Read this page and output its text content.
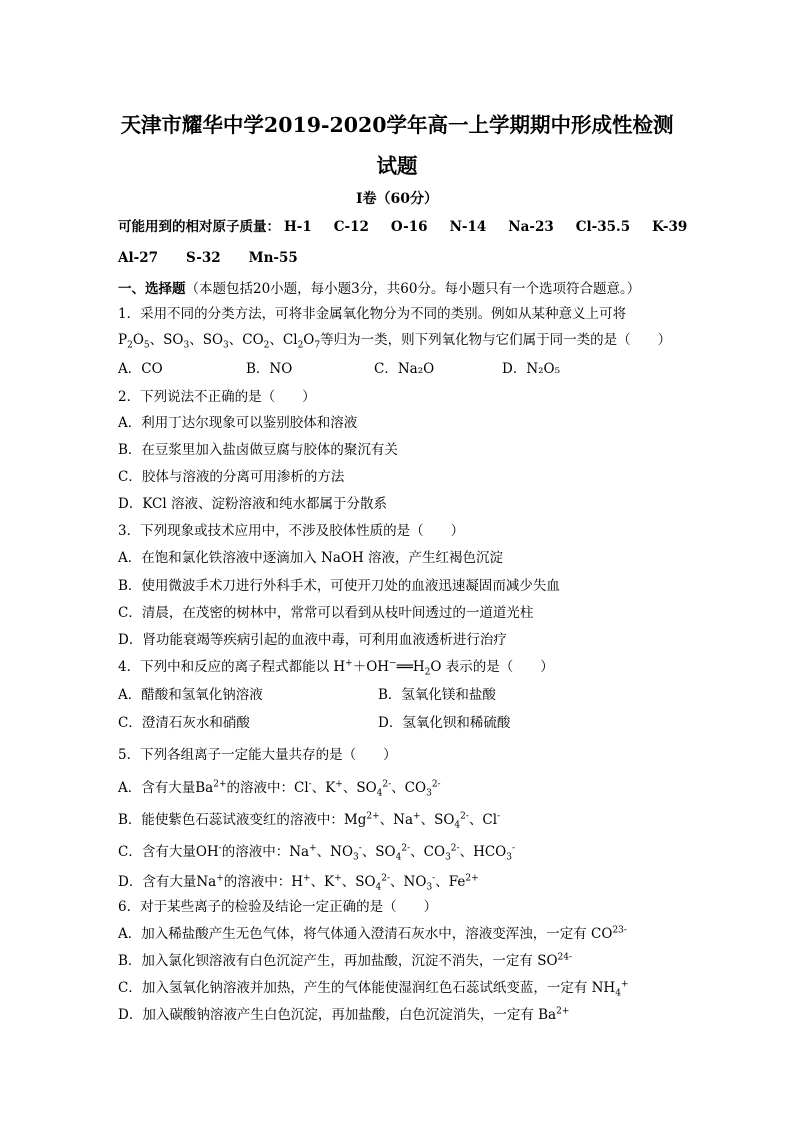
天津市耀华中学2019-2020学年高一上学期期中形成性检测
试题
Ⅰ卷（60分）
可能用到的相对原子质量： H-1 C-12 O-16 N-14 Na-23 Cl-35.5 K-39
Al-27 S-32 Mn-55
一、选择题（本题包括20小题，每小题3分，共60分。每小题只有一个选项符合题意。）
1．采用不同的分类方法，可将非金属氧化物分为不同的类别。例如从某种意义上可将
$P_2O_5$、$SO_3$、$SO_3$、$CO_2$、$Cl_2O_7$等归为一类，则下列氧化物与它们属于同一类的是（　　）
A．CO	B．NO	C．Na₂O	D．N₂O₅
2．下列说法不正确的是（　　）
A．利用丁达尔现象可以鉴别胶体和溶液
B．在豆浆里加入盐卤做豆腐与胶体的聚沉有关
C．胶体与溶液的分离可用渗析的方法
D．KCl 溶液、淀粉溶液和纯水都属于分散系
3．下列现象或技术应用中，不涉及胶体性质的是（　　）
A．在饱和氯化铁溶液中逐滴加入 NaOH 溶液，产生红褐色沉淀
B．使用微波手术刀进行外科手术，可使开刀处的血液迅速凝固而减少失血
C．清晨，在茂密的树林中，常常可以看到从枝叶间透过的一道道光柱
D．肾功能衰竭等疾病引起的血液中毒，可利用血液透析进行治疗
4．下列中和反应的离子程式都能以 $H^++OH^-══H_2O$ 表示的是（　　）
A．醋酸和氢氧化钠溶液	B．氢氧化镁和盐酸
C．澄清石灰水和硝酸	D．氢氧化钡和稀硫酸
5．下列各组离子一定能大量共存的是（　　）
A．含有大量$Ba^{2+}$的溶液中：Cl-、K+、$SO_4^{2-}$、$CO_3^{2-}$
B．能使紫色石蕊试液变红的溶液中：$Mg^{2+}$、Na+、$SO_4^{2-}$、Cl-
C．含有大量OH-的溶液中：Na+、$NO_3^-$、$SO_4^{2-}$、$CO_3^{2-}$、$HCO_3^-$
D．含有大量Na+的溶液中：H+、K+、$SO_4^{2-}$、$NO_3^-$、$Fe^{2+}$
6．对于某些离子的检验及结论一定正确的是（　　）
A．加入稀盐酸产生无色气体，将气体通入澄清石灰水中，溶液变浑浊，一定有 $CO^{23-}$
B．加入氯化钡溶液有白色沉淀产生，再加盐酸，沉淀不消失，一定有 $SO^{24-}$
C．加入氢氧化钠溶液并加热，产生的气体能使湿润红色石蕊试纸变蓝，一定有 $NH_4^+$
D．加入碳酸钠溶液产生白色沉淀，再加盐酸，白色沉淀消失，一定有 $Ba^{2+}$
